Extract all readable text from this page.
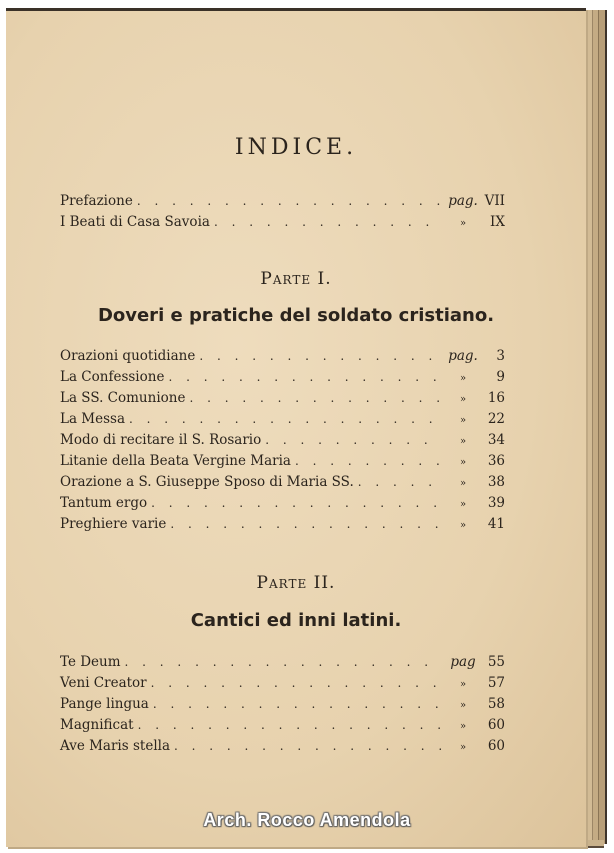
INDICE.
Prefazione . . .	pag. VII
I Beati di Casa Savoia . . .	»	IX
Parte I.
Doveri e pratiche del soldato cristiano.
Orazioni quotidiane . . .	pag.	3
La Confessione . . .	»	9
La SS. Comunione . . .	»	16
La Messa . . .	»	22
Modo di recitare il S. Rosario . . .	»	34
Litanie della Beata Vergine Maria . . .	»	36
Orazione a S. Giuseppe Sposo di Maria SS. . . .	»	38
Tantum ergo . . .	»	39
Preghiere varie . . .	»	41
Parte II.
Cantici ed inni latini.
Te Deum . . .	pag 55
Veni Creator . . .	»	57
Pange lingua . . .	»	58
Magnificat . . .	»	60
Ave Maris stella . . .	»	60
Arch. Rocco Amendola
